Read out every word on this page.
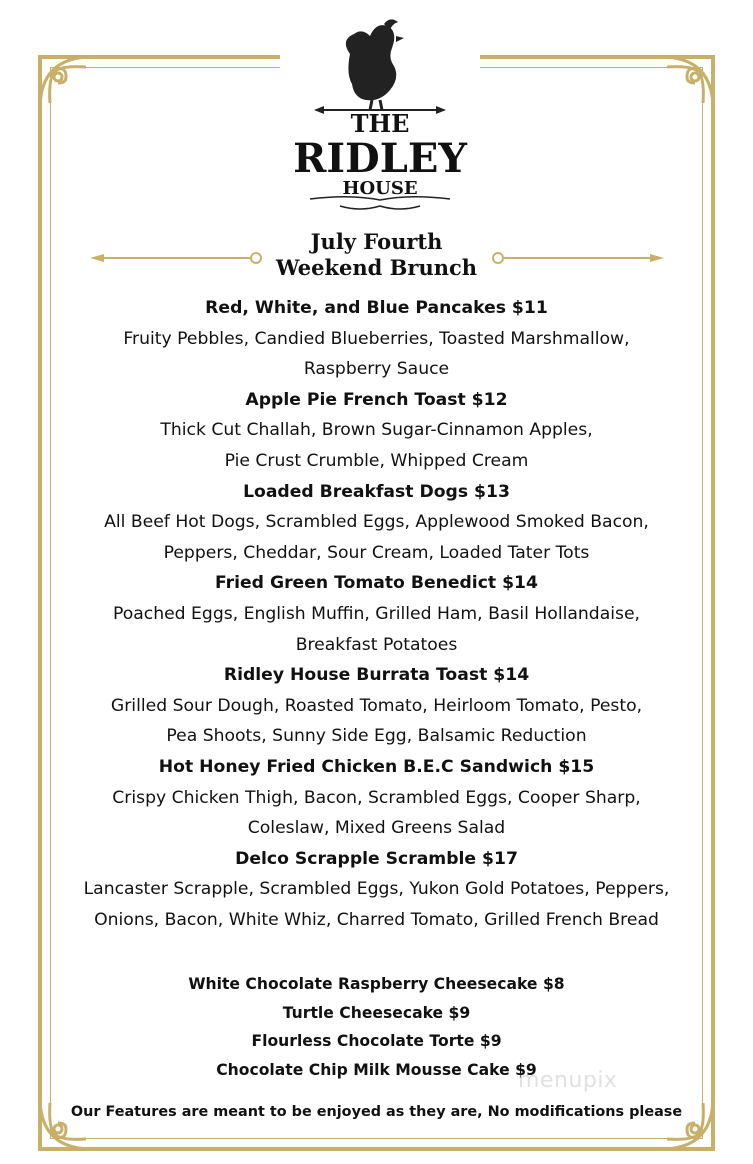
THE
RIDLEY
HOUSE
July Fourth
Weekend Brunch
Red, White, and Blue Pancakes $11
Fruity Pebbles, Candied Blueberries, Toasted Marshmallow,
Raspberry Sauce
Apple Pie French Toast $12
Thick Cut Challah, Brown Sugar-Cinnamon Apples,
Pie Crust Crumble, Whipped Cream
Loaded Breakfast Dogs $13
All Beef Hot Dogs, Scrambled Eggs, Applewood Smoked Bacon,
Peppers, Cheddar, Sour Cream, Loaded Tater Tots
Fried Green Tomato Benedict $14
Poached Eggs, English Muffin, Grilled Ham, Basil Hollandaise,
Breakfast Potatoes
Ridley House Burrata Toast $14
Grilled Sour Dough, Roasted Tomato, Heirloom Tomato, Pesto,
Pea Shoots, Sunny Side Egg, Balsamic Reduction
Hot Honey Fried Chicken B.E.C Sandwich $15
Crispy Chicken Thigh, Bacon, Scrambled Eggs, Cooper Sharp,
Coleslaw, Mixed Greens Salad
Delco Scrapple Scramble $17
Lancaster Scrapple, Scrambled Eggs, Yukon Gold Potatoes, Peppers,
Onions, Bacon, White Whiz, Charred Tomato, Grilled French Bread
White Chocolate Raspberry Cheesecake $8
Turtle Cheesecake $9
Flourless Chocolate Torte $9
Chocolate Chip Milk Mousse Cake $9
menupix
Our Features are meant to be enjoyed as they are, No modifications please
